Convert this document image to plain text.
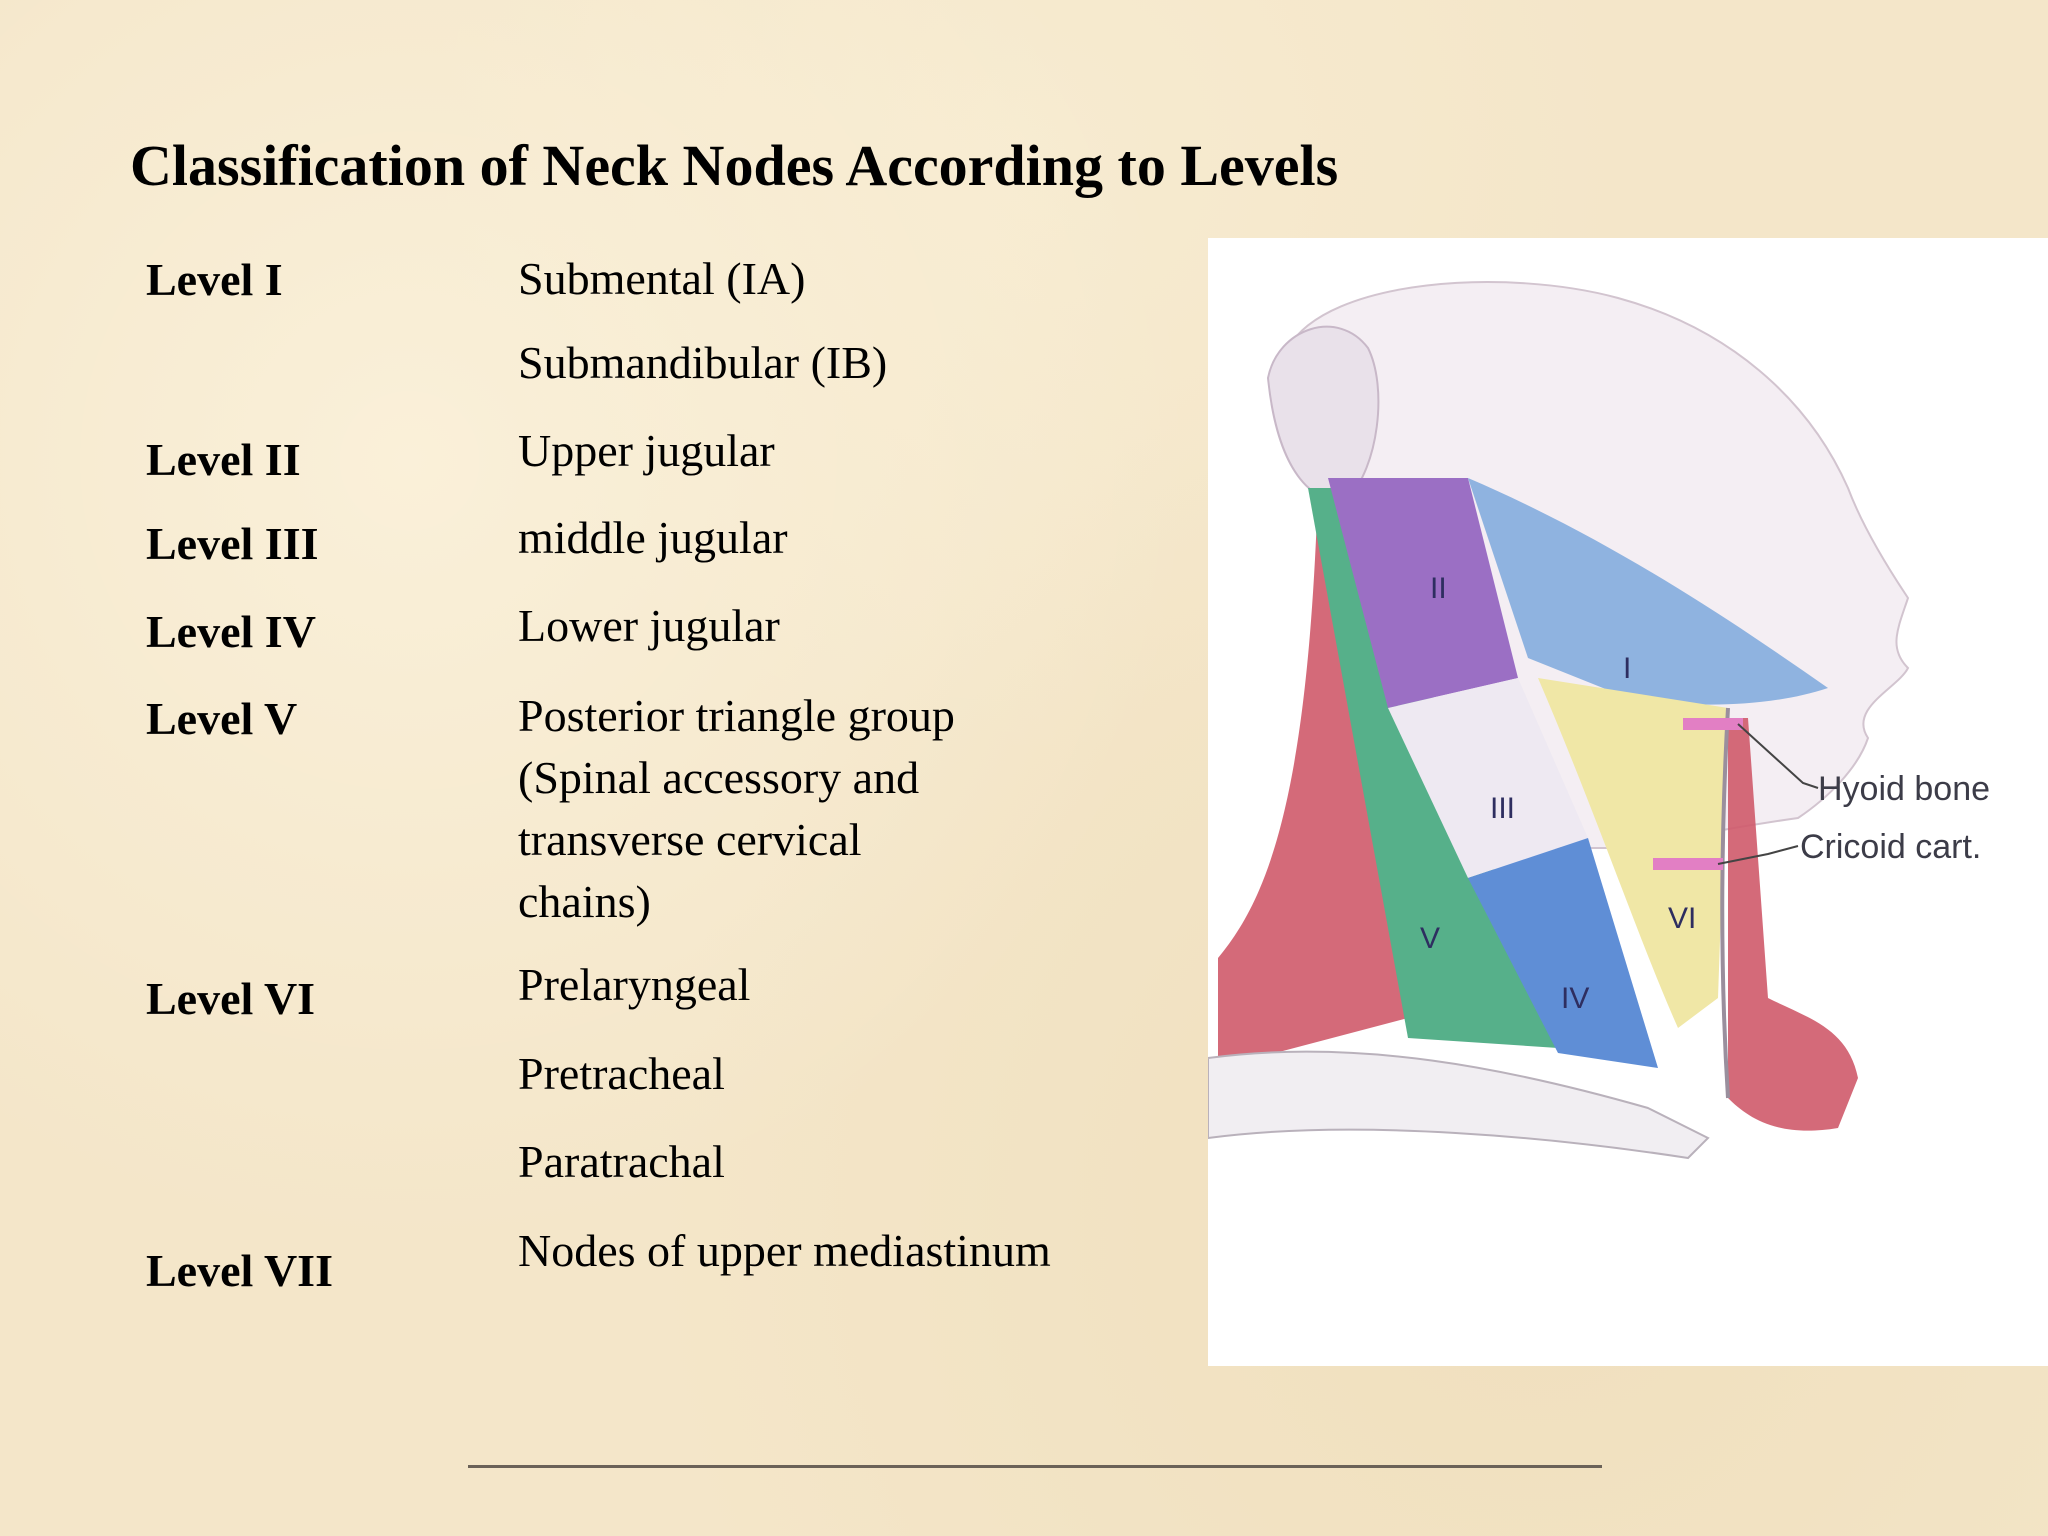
Classification of Neck Nodes According to Levels
Level I
Level II
Level III
Level IV
Level V
Level VI
Level VII
Submental (IA)
Submandibular (IB)
Upper jugular
middle jugular
Lower jugular
Posterior triangle group
(Spinal accessory and
transverse cervical
chains)
Prelaryngeal
Pretracheal
Paratrachal
Nodes of upper mediastinum
II
I
III
V
VI
IV
Hyoid bone
Cricoid cart.
